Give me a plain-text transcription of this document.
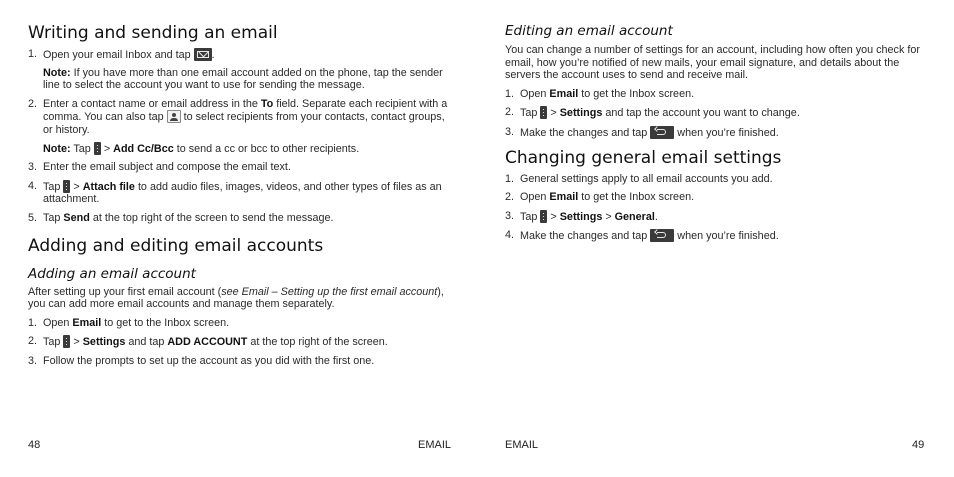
Writing and sending an email
1. Open your email Inbox and tap .

Note: If you have more than one email account added on the phone, tap the sender line to select the account you want to use for sending the message.

2. Enter a contact name or email address in the To field. Separate each recipient with a comma. You can also tap to select recipients from your contacts, contact groups, or history.

Note: Tap > Add Cc/Bcc to send a cc or bcc to other recipients.

3. Enter the email subject and compose the email text.
4. Tap > Attach file to add audio files, images, videos, and other types of files as an attachment.
5. Tap Send at the top right of the screen to send the message.
Adding and editing email accounts
Adding an email account

After setting up your first email account (see Email – Setting up the first email account), you can add more email accounts and manage them separately.

1. Open Email to get to the Inbox screen.
2. Tap > Settings and tap ADD ACCOUNT at the top right of the screen.
3. Follow the prompts to set up the account as you did with the first one.
48	EMAIL
Editing an email account

You can change a number of settings for an account, including how often you check for email, how you’re notified of new mails, your email signature, and details about the servers the account uses to send and receive mail.

1. Open Email to get the Inbox screen.
2. Tap > Settings and tap the account you want to change.
3. Make the changes and tap	when you’re finished.
Changing general email settings
1. General settings apply to all email accounts you add.
2. Open Email to get the Inbox screen.
3. Tap > Settings > General.
4. Make the changes and tap	when you’re finished.
EMAIL	49
